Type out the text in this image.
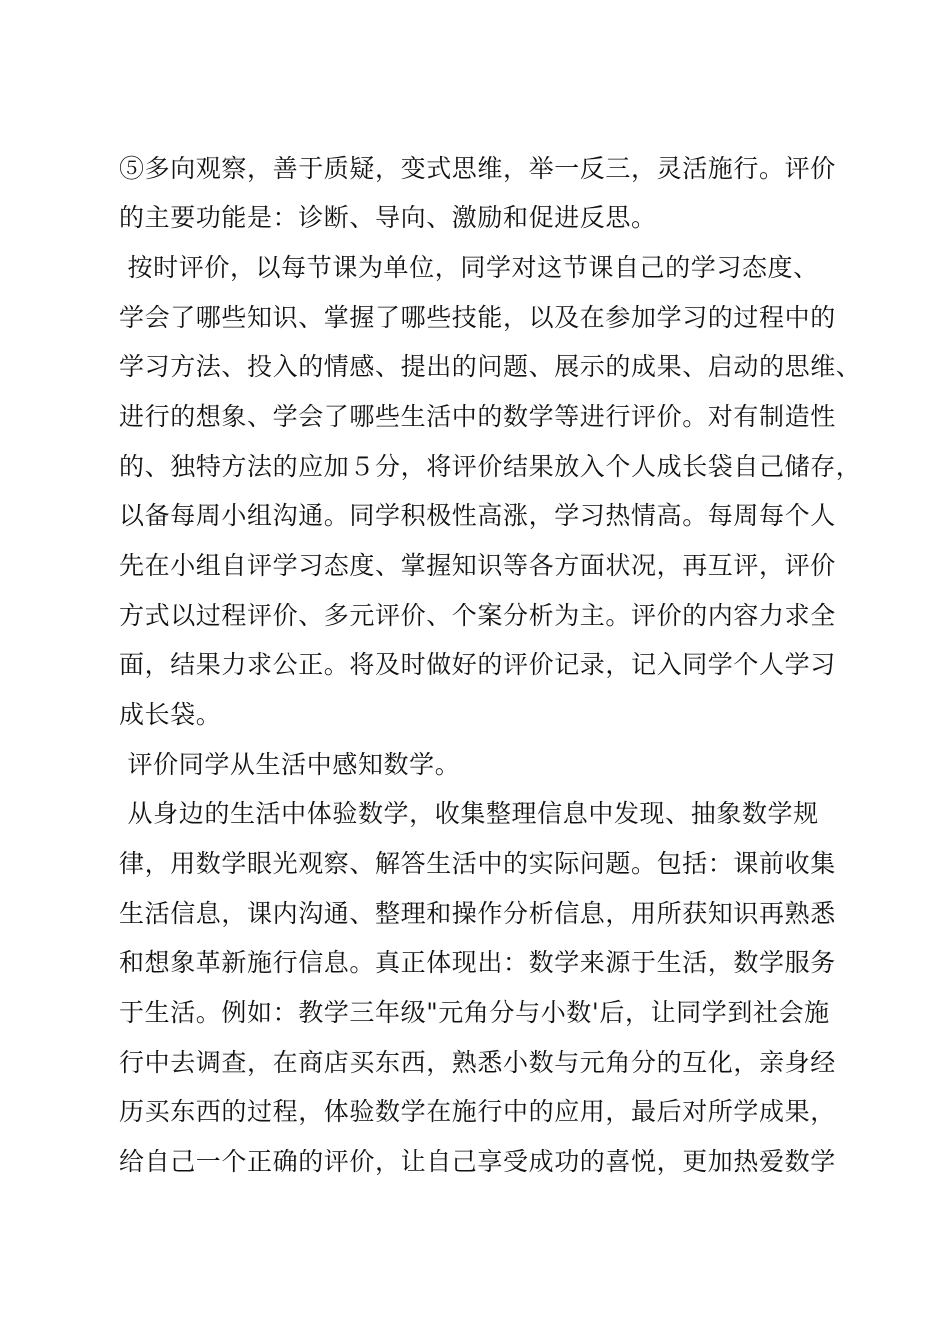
⑤多向观察，善于质疑，变式思维，举一反三，灵活施行。评价
的主要功能是：诊断、导向、激励和促进反思。
按时评价，以每节课为单位，同学对这节课自己的学习态度、
学会了哪些知识、掌握了哪些技能，以及在参加学习的过程中的
学习方法、投入的情感、提出的问题、展示的成果、启动的思维、
进行的想象、学会了哪些生活中的数学等进行评价。对有制造性
的、独特方法的应加５分，将评价结果放入个人成长袋自己储存，
以备每周小组沟通。同学积极性高涨，学习热情高。每周每个人
先在小组自评学习态度、掌握知识等各方面状况，再互评，评价
方式以过程评价、多元评价、个案分析为主。评价的内容力求全
面，结果力求公正。将及时做好的评价记录，记入同学个人学习
成长袋。
评价同学从生活中感知数学。
从身边的生活中体验数学，收集整理信息中发现、抽象数学规
律，用数学眼光观察、解答生活中的实际问题。包括：课前收集
生活信息，课内沟通、整理和操作分析信息，用所获知识再熟悉
和想象革新施行信息。真正体现出：数学来源于生活，数学服务
于生活。例如：教学三年级"元角分与小数'后，让同学到社会施
行中去调查，在商店买东西，熟悉小数与元角分的互化，亲身经
历买东西的过程，体验数学在施行中的应用，最后对所学成果，
给自己一个正确的评价，让自己享受成功的喜悦，更加热爱数学
